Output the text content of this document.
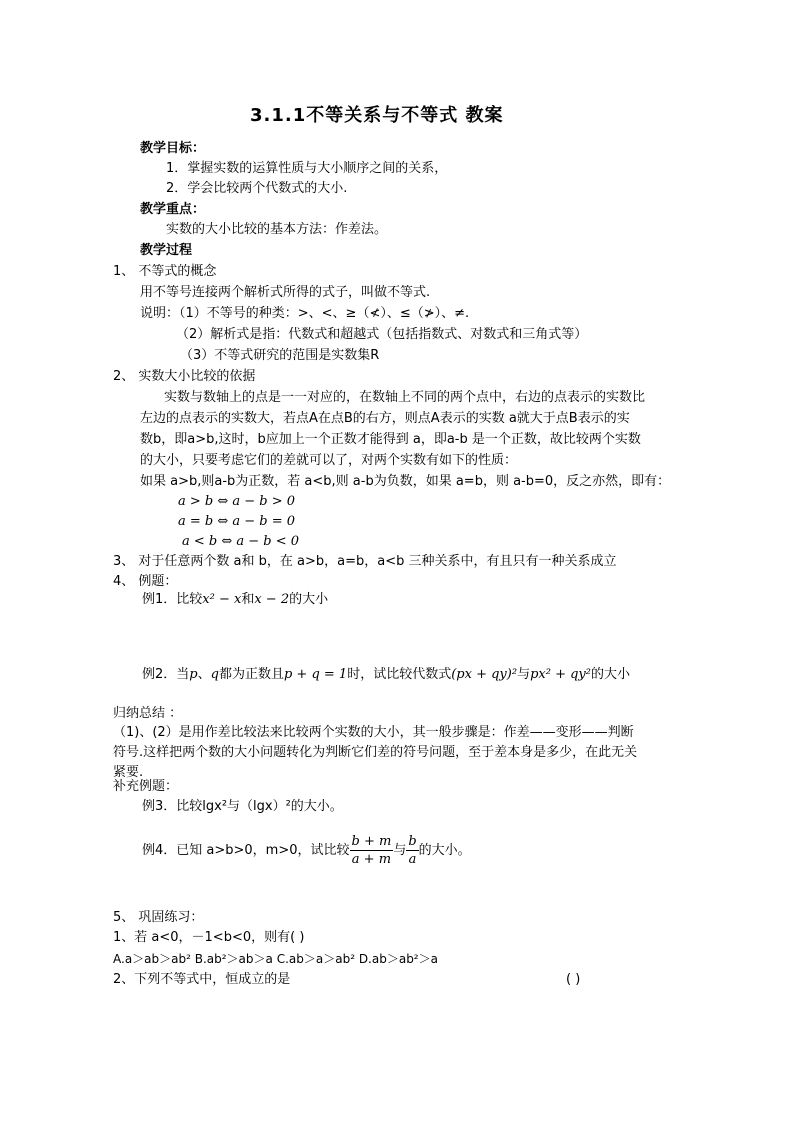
3.1.1不等关系与不等式 教案
教学目标：
1．掌握实数的运算性质与大小顺序之间的关系，
2．学会比较两个代数式的大小.
教学重点：
实数的大小比较的基本方法：作差法。
教学过程
1、 不等式的概念
用不等号连接两个解析式所得的式子，叫做不等式.
说明：（1）不等号的种类：>、<、≥（≮）、≤（≯）、≠.
（2）解析式是指：代数式和超越式（包括指数式、对数式和三角式等）
（3）不等式研究的范围是实数集R
2、 实数大小比较的依据
实数与数轴上的点是一一对应的，在数轴上不同的两个点中，右边的点表示的实数比
左边的点表示的实数大，若点A在点B的右方，则点A表示的实数 a就大于点B表示的实
数b，即a>b,这时，b应加上一个正数才能得到 a，即a-b 是一个正数，故比较两个实数
的大小，只要考虑它们的差就可以了，对两个实数有如下的性质：
如果 a>b,则a-b为正数，若 a<b,则 a-b为负数，如果 a=b，则 a-b=0，反之亦然，即有：
a > b ⇔ a − b > 0
a = b ⇔ a − b = 0
a < b ⇔ a − b < 0
3、 对于任意两个数 a和 b，在 a>b，a=b，a<b 三种关系中，有且只有一种关系成立
4、 例题：
例1．比较x² − x和x − 2的大小
例2．当p、q都为正数且p + q = 1时，试比较代数式(px + qy)²与px² + qy²的大小
归纳总结 ：
（1)、(2）是用作差比较法来比较两个实数的大小，其一般步骤是：作差——变形——判断
符号.这样把两个数的大小问题转化为判断它们差的符号问题，至于差本身是多少，在此无关
紧要.
补充例题：
例3．比较lgx²与（lgx）²的大小。
例4．已知 a>b>0，m>0，试比较 $\frac{b + m}{a + m}$ 与 $\frac{b}{a}$ 的大小。
5、 巩固练习：
1、若 a<0，－1<b<0，则有( )
A.a＞ab＞ab² B.ab²＞ab＞a C.ab＞a＞ab² D.ab＞ab²＞a
2、下列不等式中，恒成立的是	( )
